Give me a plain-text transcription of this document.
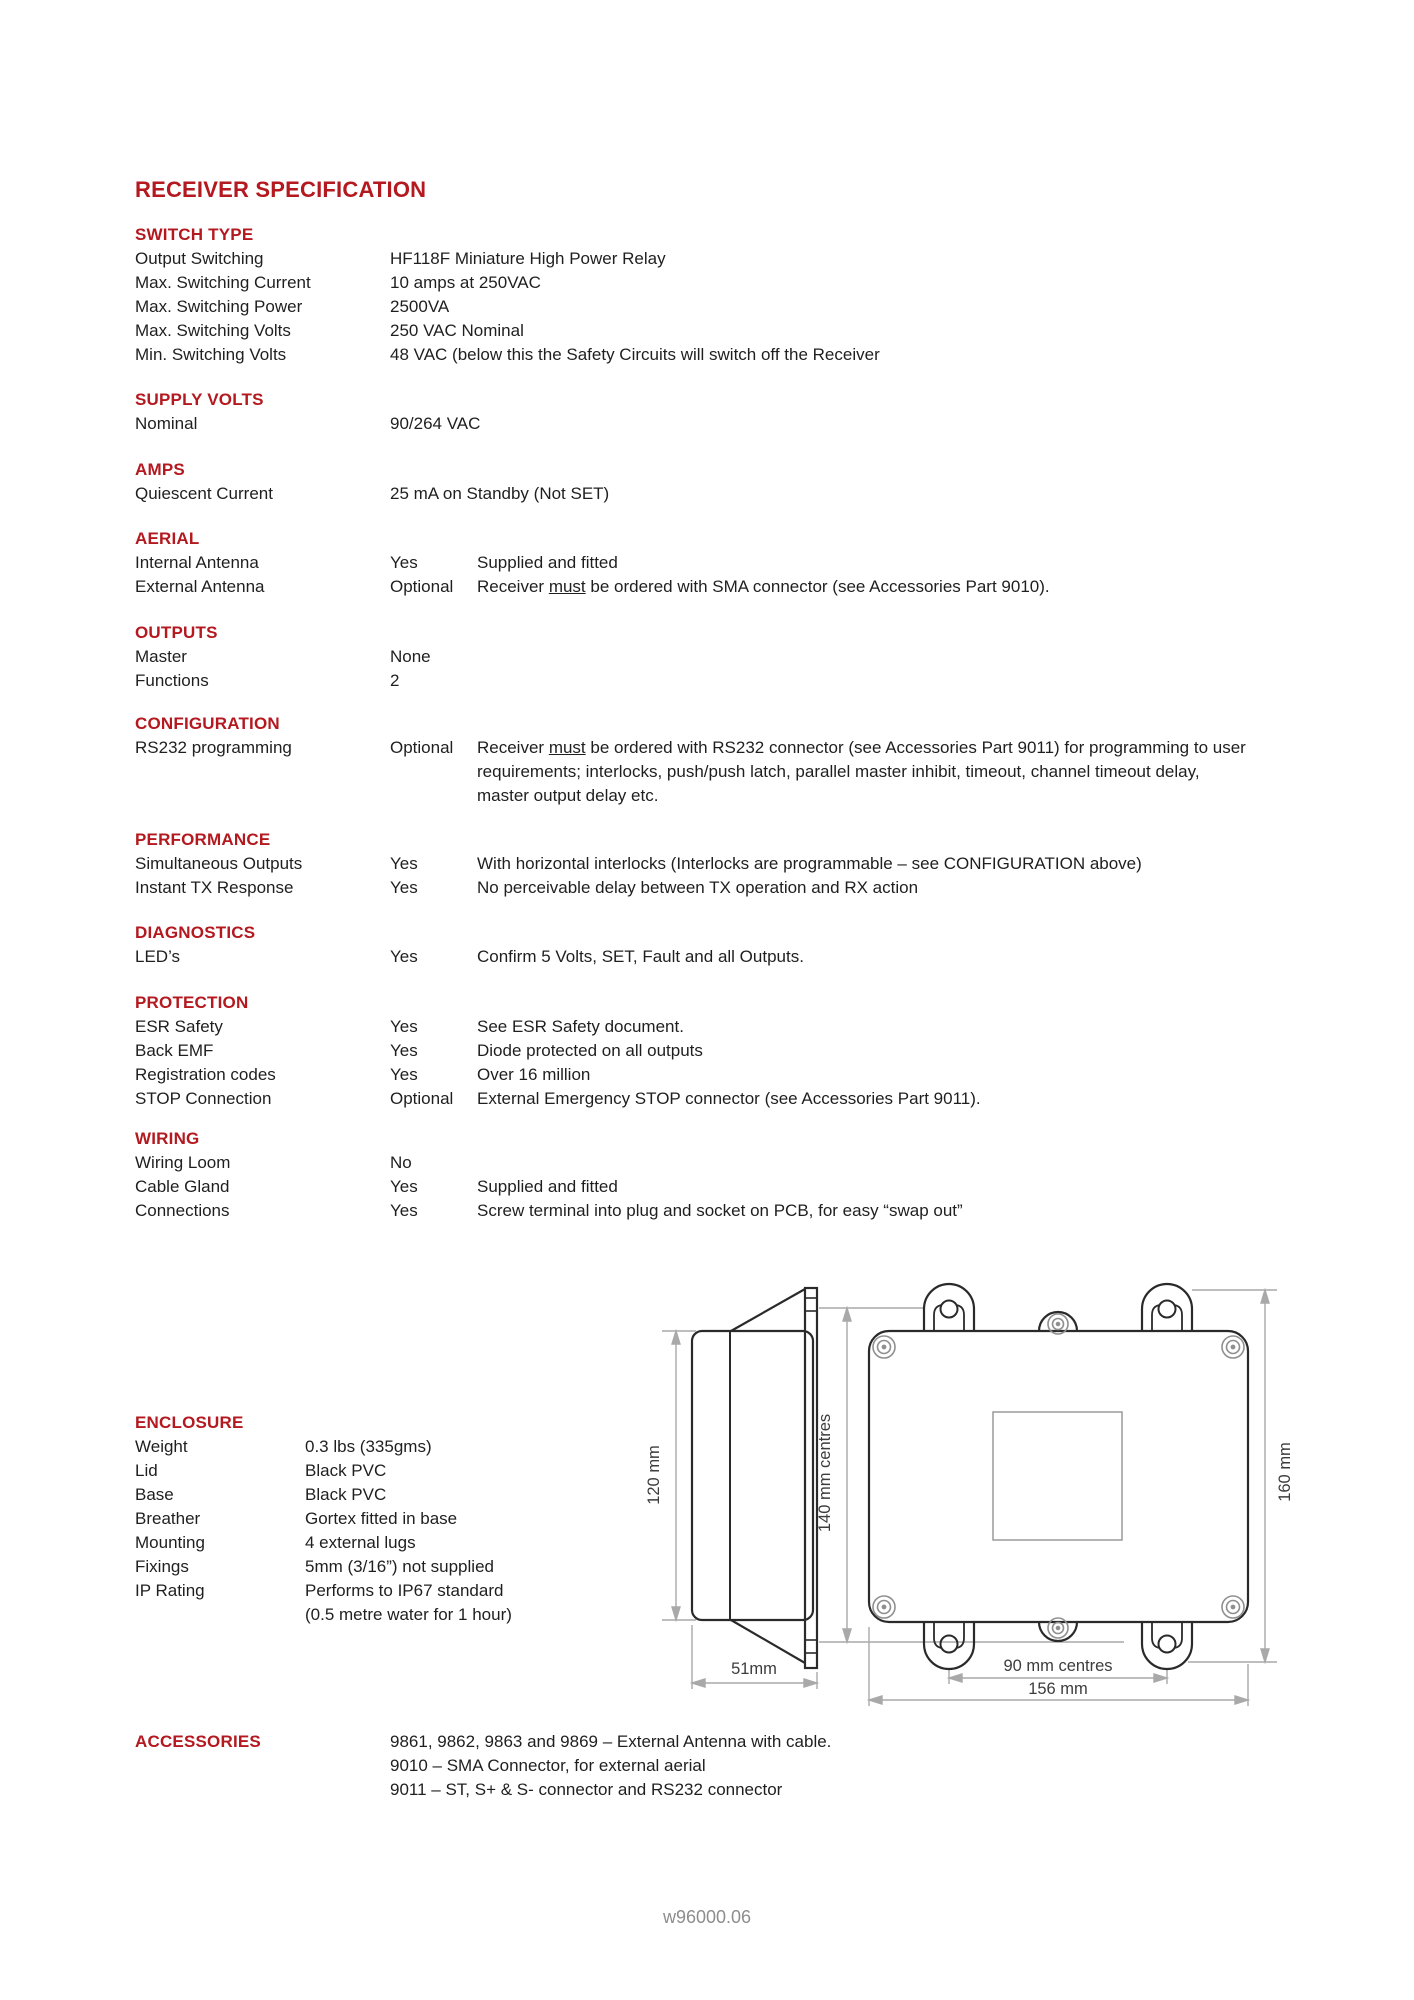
RECEIVER SPECIFICATION
SWITCH TYPE
Output Switching	HF118F Miniature High Power Relay
Max. Switching Current	10 amps at 250VAC
Max. Switching Power	2500VA
Max. Switching Volts	250 VAC Nominal
Min. Switching Volts	48 VAC (below this the Safety Circuits will switch off the Receiver
SUPPLY VOLTS
Nominal	90/264 VAC
AMPS
Quiescent Current	25 mA on Standby (Not SET)
AERIAL
Internal Antenna	Yes	Supplied and fitted
External Antenna	Optional Receiver must be ordered with SMA connector (see Accessories Part 9010).
OUTPUTS
Master	None
Functions	2
CONFIGURATION
RS232 programming	Optional Receiver must be ordered with RS232 connector (see Accessories Part 9011) for programming to user
requirements; interlocks, push/push latch, parallel master inhibit, timeout, channel timeout delay,
master output delay etc.
PERFORMANCE
Simultaneous Outputs	Yes	With horizontal interlocks (Interlocks are programmable – see CONFIGURATION above)
Instant TX Response	Yes	No perceivable delay between TX operation and RX action
DIAGNOSTICS
LED’s	Yes	Confirm 5 Volts, SET, Fault and all Outputs.
PROTECTION
ESR Safety	Yes	See ESR Safety document.
Back EMF	Yes	Diode protected on all outputs
Registration codes	Yes	Over 16 million
STOP Connection	Optional External Emergency STOP connector (see Accessories Part 9011).
WIRING
Wiring Loom	No
Cable Gland	Yes	Supplied and fitted
Connections	Yes	Screw terminal into plug and socket on PCB, for easy “swap out”
ENCLOSURE
Weight	0.3 lbs (335gms)
Lid	Black PVC
Base	Black PVC
Breather	Gortex fitted in base
Mounting	4 external lugs
Fixings	5mm (3/16”) not supplied
IP Rating	Performs to IP67 standard
(0.5 metre water for 1 hour)
ACCESSORIES	9861, 9862, 9863 and 9869 – External Antenna with cable.
9010 – SMA Connector, for external aerial
9011 – ST, S+ & S- connector and RS232 connector
120 mm	140 mm centres	160 mm
51mm	90 mm centres
156 mm
w96000.06
